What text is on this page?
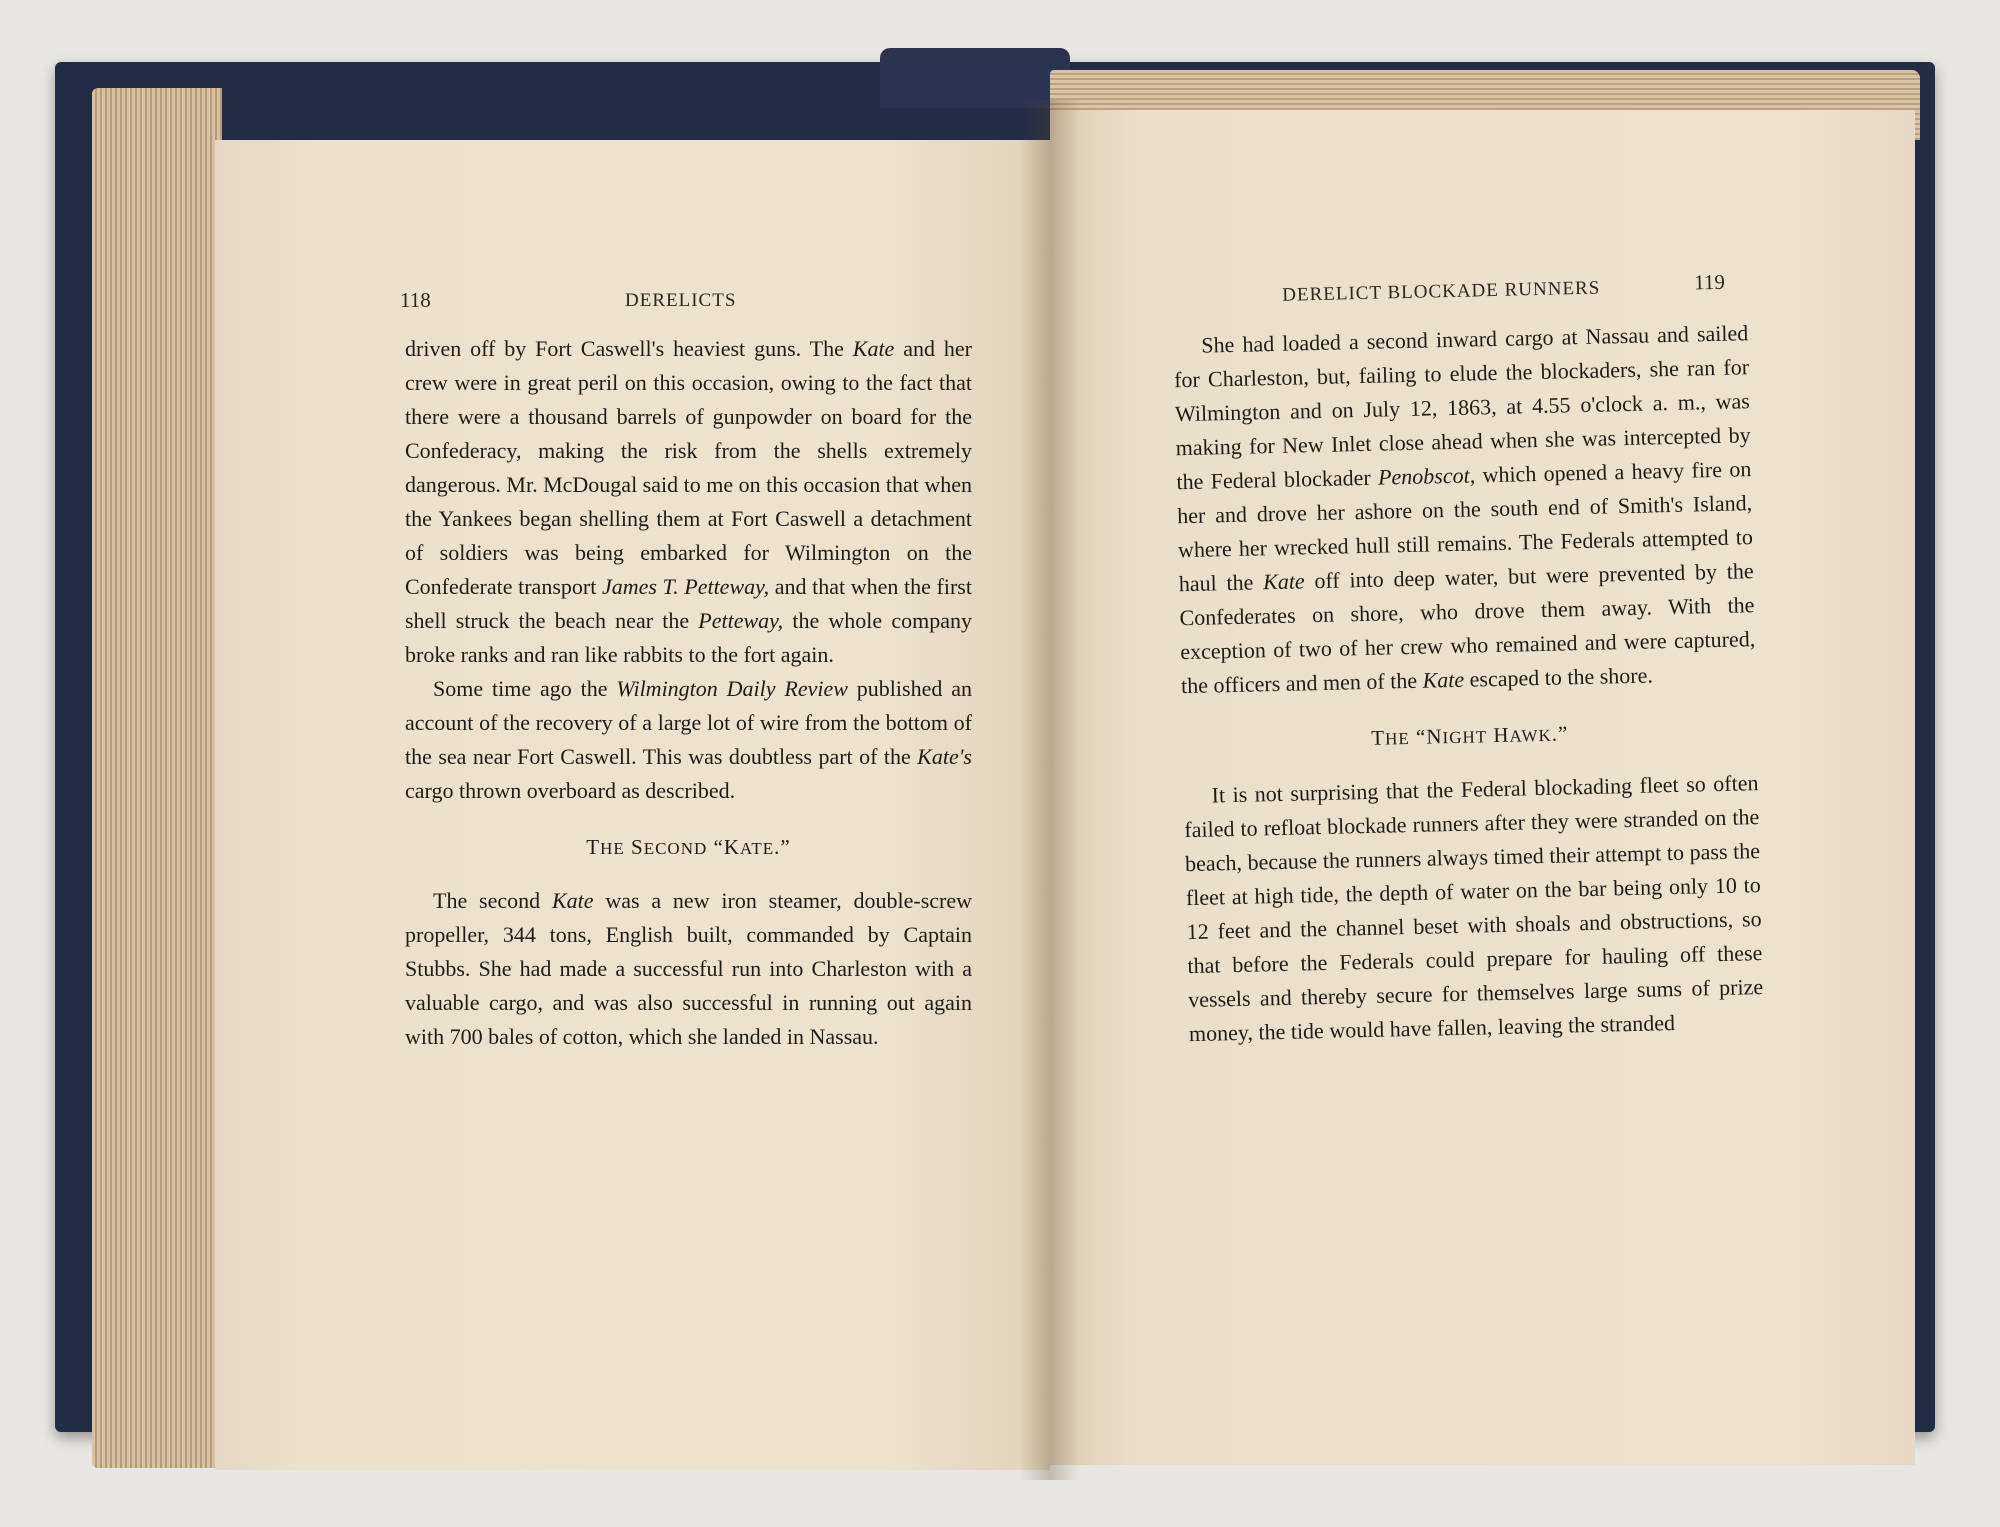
118	DERELICTS

driven off by Fort Caswell's heaviest guns. The Kate and her crew were in great peril on this occasion, owing to the fact that there were a thousand barrels of gunpowder on board for the Confederacy, making the risk from the shells extremely dangerous. Mr. McDougal said to me on this occasion that when the Yankees began shelling them at Fort Caswell a detachment of soldiers was being embarked for Wilmington on the Confederate transport James T. Petteway, and that when the first shell struck the beach near the Petteway, the whole company broke ranks and ran like rabbits to the fort again.

Some time ago the Wilmington Daily Review published an account of the recovery of a large lot of wire from the bottom of the sea near Fort Caswell. This was doubtless part of the Kate's cargo thrown overboard as described.

THE SECOND “KATE.”

The second Kate was a new iron steamer, double-screw propeller, 344 tons, English built, commanded by Captain Stubbs. She had made a successful run into Charleston with a valuable cargo, and was also successful in running out again with 700 bales of cotton, which she landed in Nassau.

DERELICT BLOCKADE RUNNERS	119

She had loaded a second inward cargo at Nassau and sailed for Charleston, but, failing to elude the blockaders, she ran for Wilmington and on July 12, 1863, at 4.55 o'clock a. m., was making for New Inlet close ahead when she was intercepted by the Federal blockader Penobscot, which opened a heavy fire on her and drove her ashore on the south end of Smith's Island, where her wrecked hull still remains. The Federals attempted to haul the Kate off into deep water, but were prevented by the Confederates on shore, who drove them away. With the exception of two of her crew who remained and were captured, the officers and men of the Kate escaped to the shore.

THE “NIGHT HAWK.”

It is not surprising that the Federal blockading fleet so often failed to refloat blockade runners after they were stranded on the beach, because the runners always timed their attempt to pass the fleet at high tide, the depth of water on the bar being only 10 to 12 feet and the channel beset with shoals and obstructions, so that before the Federals could prepare for hauling off these vessels and thereby secure for themselves large sums of prize money, the tide would have fallen, leaving the stranded
